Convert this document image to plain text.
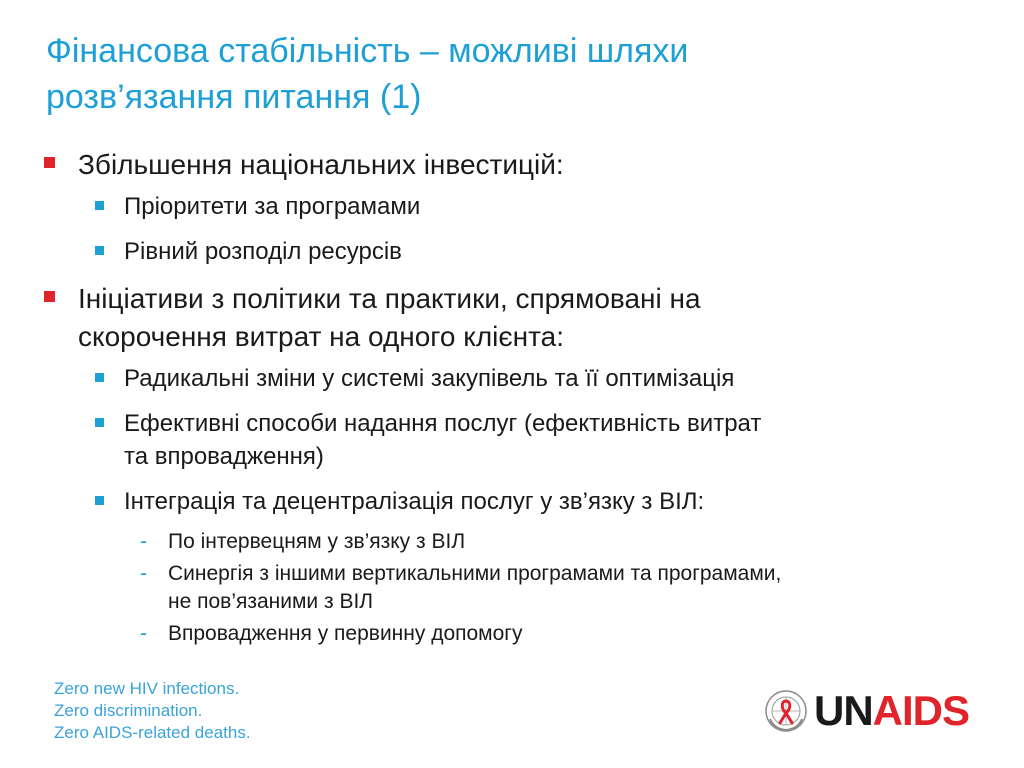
Фінансова стабільність – можливі шляхи
розв’язання питання (1)
Збільшення національних інвестицій:
Пріоритети за програмами
Рівний розподіл ресурсів
Ініціативи з політики та практики, спрямовані на
скорочення витрат на одного клієнта:
Радикальні зміни у системі закупівель та її оптимізація
Ефективні способи надання послуг (ефективність витрат
та впровадження)
Інтеграція та децентралізація послуг у зв’язку з ВІЛ:
- По інтервецням у зв’язку з ВІЛ
- Синергія з іншими вертикальними програмами та програмами,
не пов’язаними з ВІЛ
- Впровадження у первинну допомогу
Zero new HIV infections.
Zero discrimination.
Zero AIDS-related deaths.	UNAIDS
